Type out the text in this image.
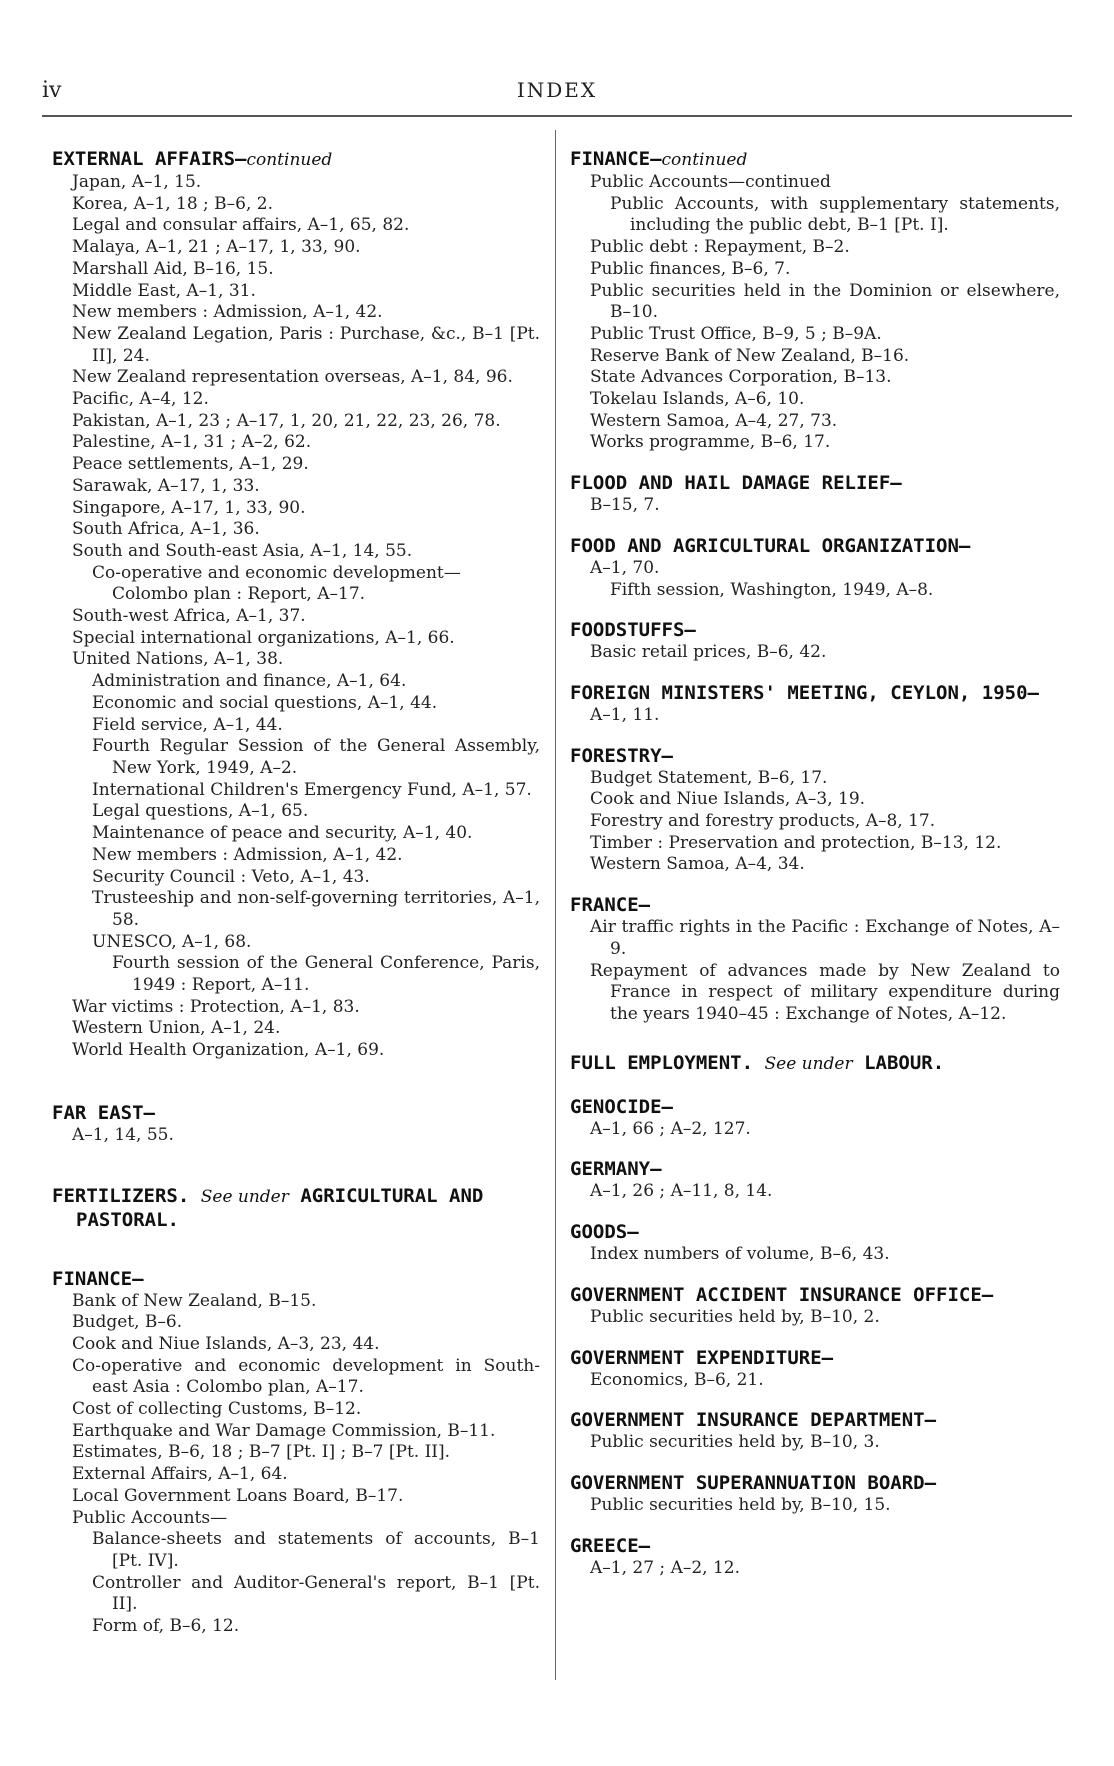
iv	INDEX
EXTERNAL AFFAIRS—continued
Japan, A–1, 15.
Korea, A–1, 18 ; B–6, 2.
Legal and consular affairs, A–1, 65, 82.
Malaya, A–1, 21 ; A–17, 1, 33, 90.
Marshall Aid, B–16, 15.
Middle East, A–1, 31.
New members : Admission, A–1, 42.
New Zealand Legation, Paris : Purchase, &c., B–1 [Pt. II], 24.
New Zealand representation overseas, A–1, 84, 96.
Pacific, A–4, 12.
Pakistan, A–1, 23 ; A–17, 1, 20, 21, 22, 23, 26, 78.
Palestine, A–1, 31 ; A–2, 62.
Peace settlements, A–1, 29.
Sarawak, A–17, 1, 33.
Singapore, A–17, 1, 33, 90.
South Africa, A–1, 36.
South and South-east Asia, A–1, 14, 55.
Co-operative and economic development—
Colombo plan : Report, A–17.
South-west Africa, A–1, 37.
Special international organizations, A–1, 66.
United Nations, A–1, 38.
Administration and finance, A–1, 64.
Economic and social questions, A–1, 44.
Field service, A–1, 44.
Fourth Regular Session of the General Assembly, New York, 1949, A–2.
International Children's Emergency Fund, A–1, 57.
Legal questions, A–1, 65.
Maintenance of peace and security, A–1, 40.
New members : Admission, A–1, 42.
Security Council : Veto, A–1, 43.
Trusteeship and non-self-governing territories, A–1, 58.
UNESCO, A–1, 68.
Fourth session of the General Conference, Paris, 1949 : Report, A–11.
War victims : Protection, A–1, 83.
Western Union, A–1, 24.
World Health Organization, A–1, 69.
FAR EAST—
A–1, 14, 55.
FERTILIZERS. See under AGRICULTURAL AND PASTORAL.
FINANCE—
Bank of New Zealand, B–15.
Budget, B–6.
Cook and Niue Islands, A–3, 23, 44.
Co-operative and economic development in South-east Asia : Colombo plan, A–17.
Cost of collecting Customs, B–12.
Earthquake and War Damage Commission, B–11.
Estimates, B–6, 18 ; B–7 [Pt. I] ; B–7 [Pt. II].
External Affairs, A–1, 64.
Local Government Loans Board, B–17.
Public Accounts—
Balance-sheets and statements of accounts, B–1 [Pt. IV].
Controller and Auditor-General's report, B–1 [Pt. II].
Form of, B–6, 12.
FINANCE—continued
Public Accounts—continued
Public Accounts, with supplementary statements, including the public debt, B–1 [Pt. I].
Public debt : Repayment, B–2.
Public finances, B–6, 7.
Public securities held in the Dominion or elsewhere, B–10.
Public Trust Office, B–9, 5 ; B–9A.
Reserve Bank of New Zealand, B–16.
State Advances Corporation, B–13.
Tokelau Islands, A–6, 10.
Western Samoa, A–4, 27, 73.
Works programme, B–6, 17.
FLOOD AND HAIL DAMAGE RELIEF—
B–15, 7.
FOOD AND AGRICULTURAL ORGANIZATION—
A–1, 70.
Fifth session, Washington, 1949, A–8.
FOODSTUFFS—
Basic retail prices, B–6, 42.
FOREIGN MINISTERS' MEETING, CEYLON, 1950—
A–1, 11.
FORESTRY—
Budget Statement, B–6, 17.
Cook and Niue Islands, A–3, 19.
Forestry and forestry products, A–8, 17.
Timber : Preservation and protection, B–13, 12.
Western Samoa, A–4, 34.
FRANCE—
Air traffic rights in the Pacific : Exchange of Notes, A–9.
Repayment of advances made by New Zealand to France in respect of military expenditure during the years 1940–45 : Exchange of Notes, A–12.
FULL EMPLOYMENT. See under LABOUR.
GENOCIDE—
A–1, 66 ; A–2, 127.
GERMANY—
A–1, 26 ; A–11, 8, 14.
GOODS—
Index numbers of volume, B–6, 43.
GOVERNMENT ACCIDENT INSURANCE OFFICE—
Public securities held by, B–10, 2.
GOVERNMENT EXPENDITURE—
Economics, B–6, 21.
GOVERNMENT INSURANCE DEPARTMENT—
Public securities held by, B–10, 3.
GOVERNMENT SUPERANNUATION BOARD—
Public securities held by, B–10, 15.
GREECE—
A–1, 27 ; A–2, 12.
